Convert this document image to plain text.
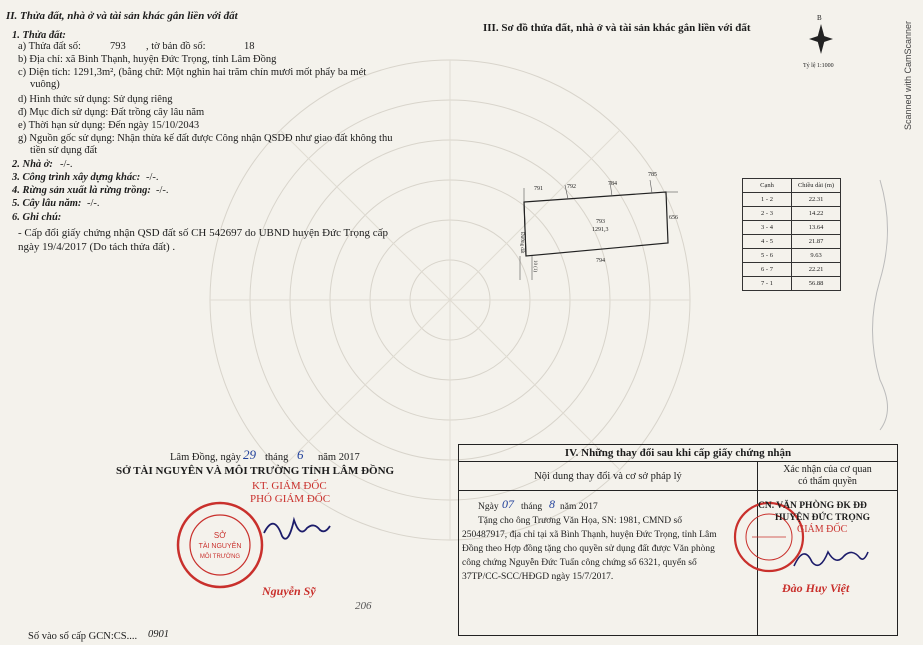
II. Thửa đất, nhà ở và tài sản khác gắn liền với đất
1. Thửa đất:
a) Thửa đất số:	793 , tờ bản đồ số:	18
b) Địa chỉ: xã Bình Thạnh, huyện Đức Trọng, tỉnh Lâm Đồng
c) Diện tích: 1291,3m², (bằng chữ: Một nghìn hai trăm chín mươi mốt phẩy ba mét
vuông)
d) Hình thức sử dụng: Sử dụng riêng
đ) Mục đích sử dụng: Đất trồng cây lâu năm
e) Thời hạn sử dụng: Đến ngày 15/10/2043
g) Nguồn gốc sử dụng: Nhận thừa kế đất được Công nhận QSDĐ như giao đất không thu
tiền sử dụng đất
2. Nhà ở: -/-.
3. Công trình xây dựng khác: -/-.
4. Rừng sản xuất là rừng trồng: -/-.
5. Cây lâu năm: -/-.
6. Ghi chú:
- Cấp đổi giấy chứng nhận QSD đất số CH 542697 do UBND huyện Đức Trọng cấp
ngày 19/4/2017 (Do tách thửa đất) .
Lâm Đồng, ngày 29 tháng 6 năm 2017
SỞ TÀI NGUYÊN VÀ MÔI TRƯỜNG TỈNH LÂM ĐỒNG
KT. GIÁM ĐỐC
PHÓ GIÁM ĐỐC
SỞ
TÀI NGUYÊN
MÔI TRƯỜNG
Nguyễn Sỹ
206
Số vào sổ cấp GCN:CS.... 0901
III. Sơ đồ thửa đất, nhà ở và tài sản khác gắn liền với đất
B
Tỷ lệ 1:1000	Scanned with CamScanner
791	792	784
785
656
794
793
1291,3
Đường đất
10 (1)
Cạnh	Chiều dài (m)
1 - 2	22.31
2 - 3	14.22
3 - 4	13.64
4 - 5	21.87
5 - 6	9.63
6 - 7	22.21
7 - 1	56.88
IV. Những thay đổi sau khi cấp giấy chứng nhận	
Nội dung thay đổi và cơ sở pháp lý	Xác nhận của cơ quan
có thẩm quyền

Ngày 07 tháng 8 năm 2017
Tặng cho ông Trương Văn Họa, SN: 1981, CMND số
250487917, địa chỉ tại xã Bình Thạnh, huyện Đức Trọng, tỉnh Lâm
Đồng theo Hợp đồng tặng cho quyền sử dụng đất được Văn phòng
công chứng Nguyễn Đức Tuấn công chứng số 6321, quyển số
37TP/CC-SCC/HĐGD ngày 15/7/2017.
CN. VĂN PHÒNG ĐK ĐĐ
HUYỆN ĐỨC TRỌNG
GIÁM ĐỐC
Đào Huy Việt
